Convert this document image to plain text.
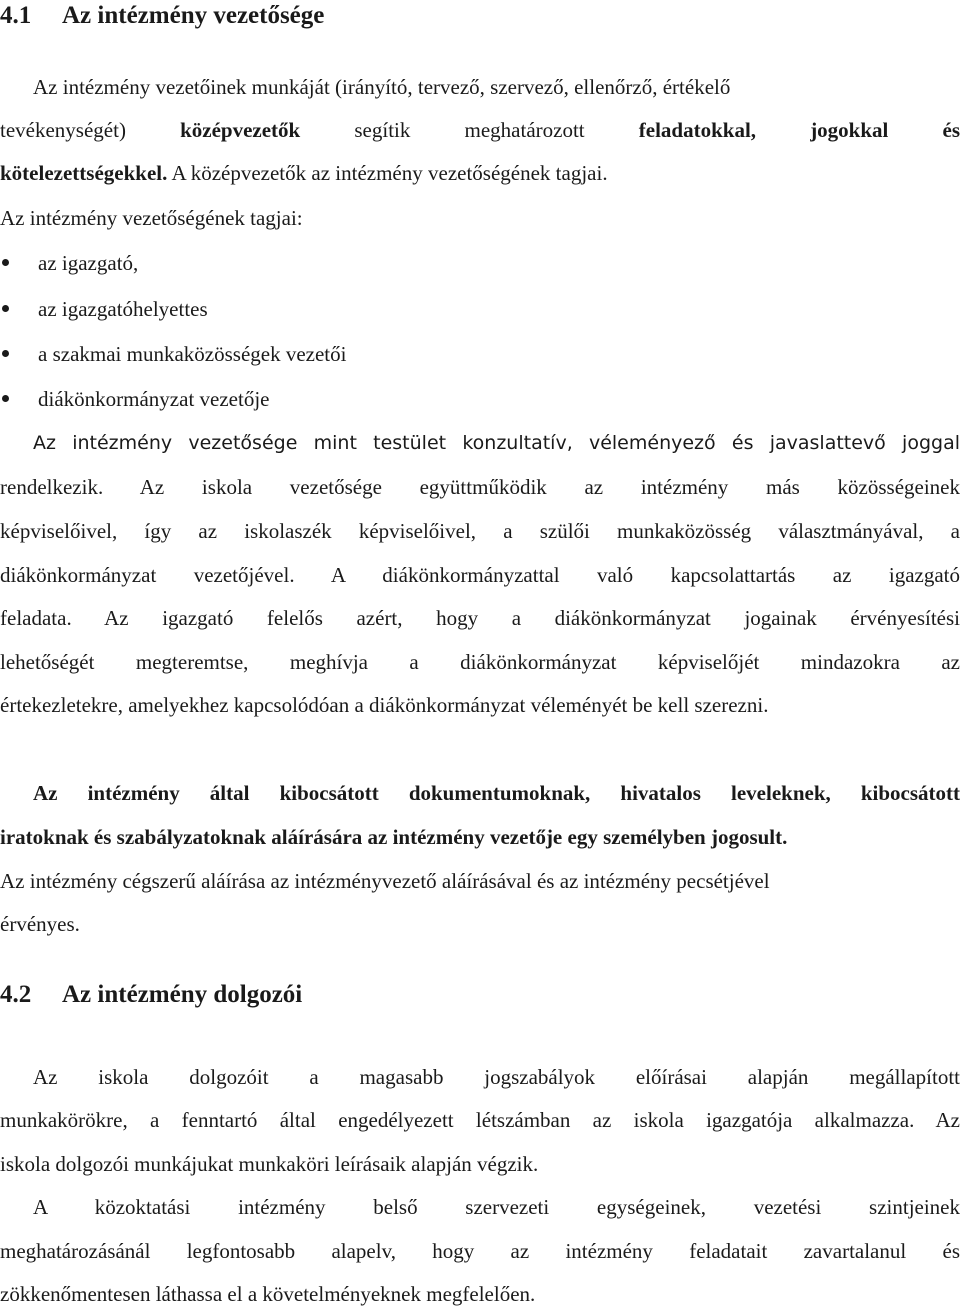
4.1 Az intézmény vezetősége
Az intézmény vezetőinek munkáját (irányító, tervező, szervező, ellenőrző, értékelő
tevékenységét)	középvezetők	segítik	meghatározott	feladatokkal,	jogokkal	és
kötelezettségekkel. A középvezetők az intézmény vezetőségének tagjai.
Az intézmény vezetőségének tagjai:
az igazgató,
az igazgatóhelyettes
a szakmai munkaközösségek vezetői
diákönkormányzat vezetője
Az intézmény vezetősége mint testület konzultatív, véleményező és javaslattevő joggal
rendelkezik. Az iskola vezetősége együttműködik az intézmény más közösségeinek
képviselőivel, így az iskolaszék képviselőivel, a szülői munkaközösség választmányával, a
diákönkormányzat vezetőjével. A diákönkormányzattal való kapcsolattartás az igazgató
feladata. Az igazgató felelős azért, hogy a diákönkormányzat jogainak érvényesítési
lehetőségét megteremtse, meghívja a diákönkormányzat képviselőjét mindazokra az
értekezletekre, amelyekhez kapcsolódóan a diákönkormányzat véleményét be kell szerezni.
Az intézmény által kibocsátott dokumentumoknak, hivatalos leveleknek, kibocsátott
iratoknak és szabályzatoknak aláírására az intézmény vezetője egy személyben jogosult.
Az intézmény cégszerű aláírása az intézményvezető aláírásával és az intézmény pecsétjével
érvényes.
4.2 Az intézmény dolgozói
Az iskola dolgozóit a magasabb jogszabályok előírásai alapján megállapított
munkakörökre, a fenntartó által engedélyezett létszámban az iskola igazgatója alkalmazza. Az
iskola dolgozói munkájukat munkaköri leírásaik alapján végzik.
A közoktatási intézmény belső szervezeti egységeinek, vezetési szintjeinek
meghatározásánál legfontosabb alapelv, hogy az intézmény feladatait zavartalanul és
zökkenőmentesen láthassa el a követelményeknek megfelelően.
